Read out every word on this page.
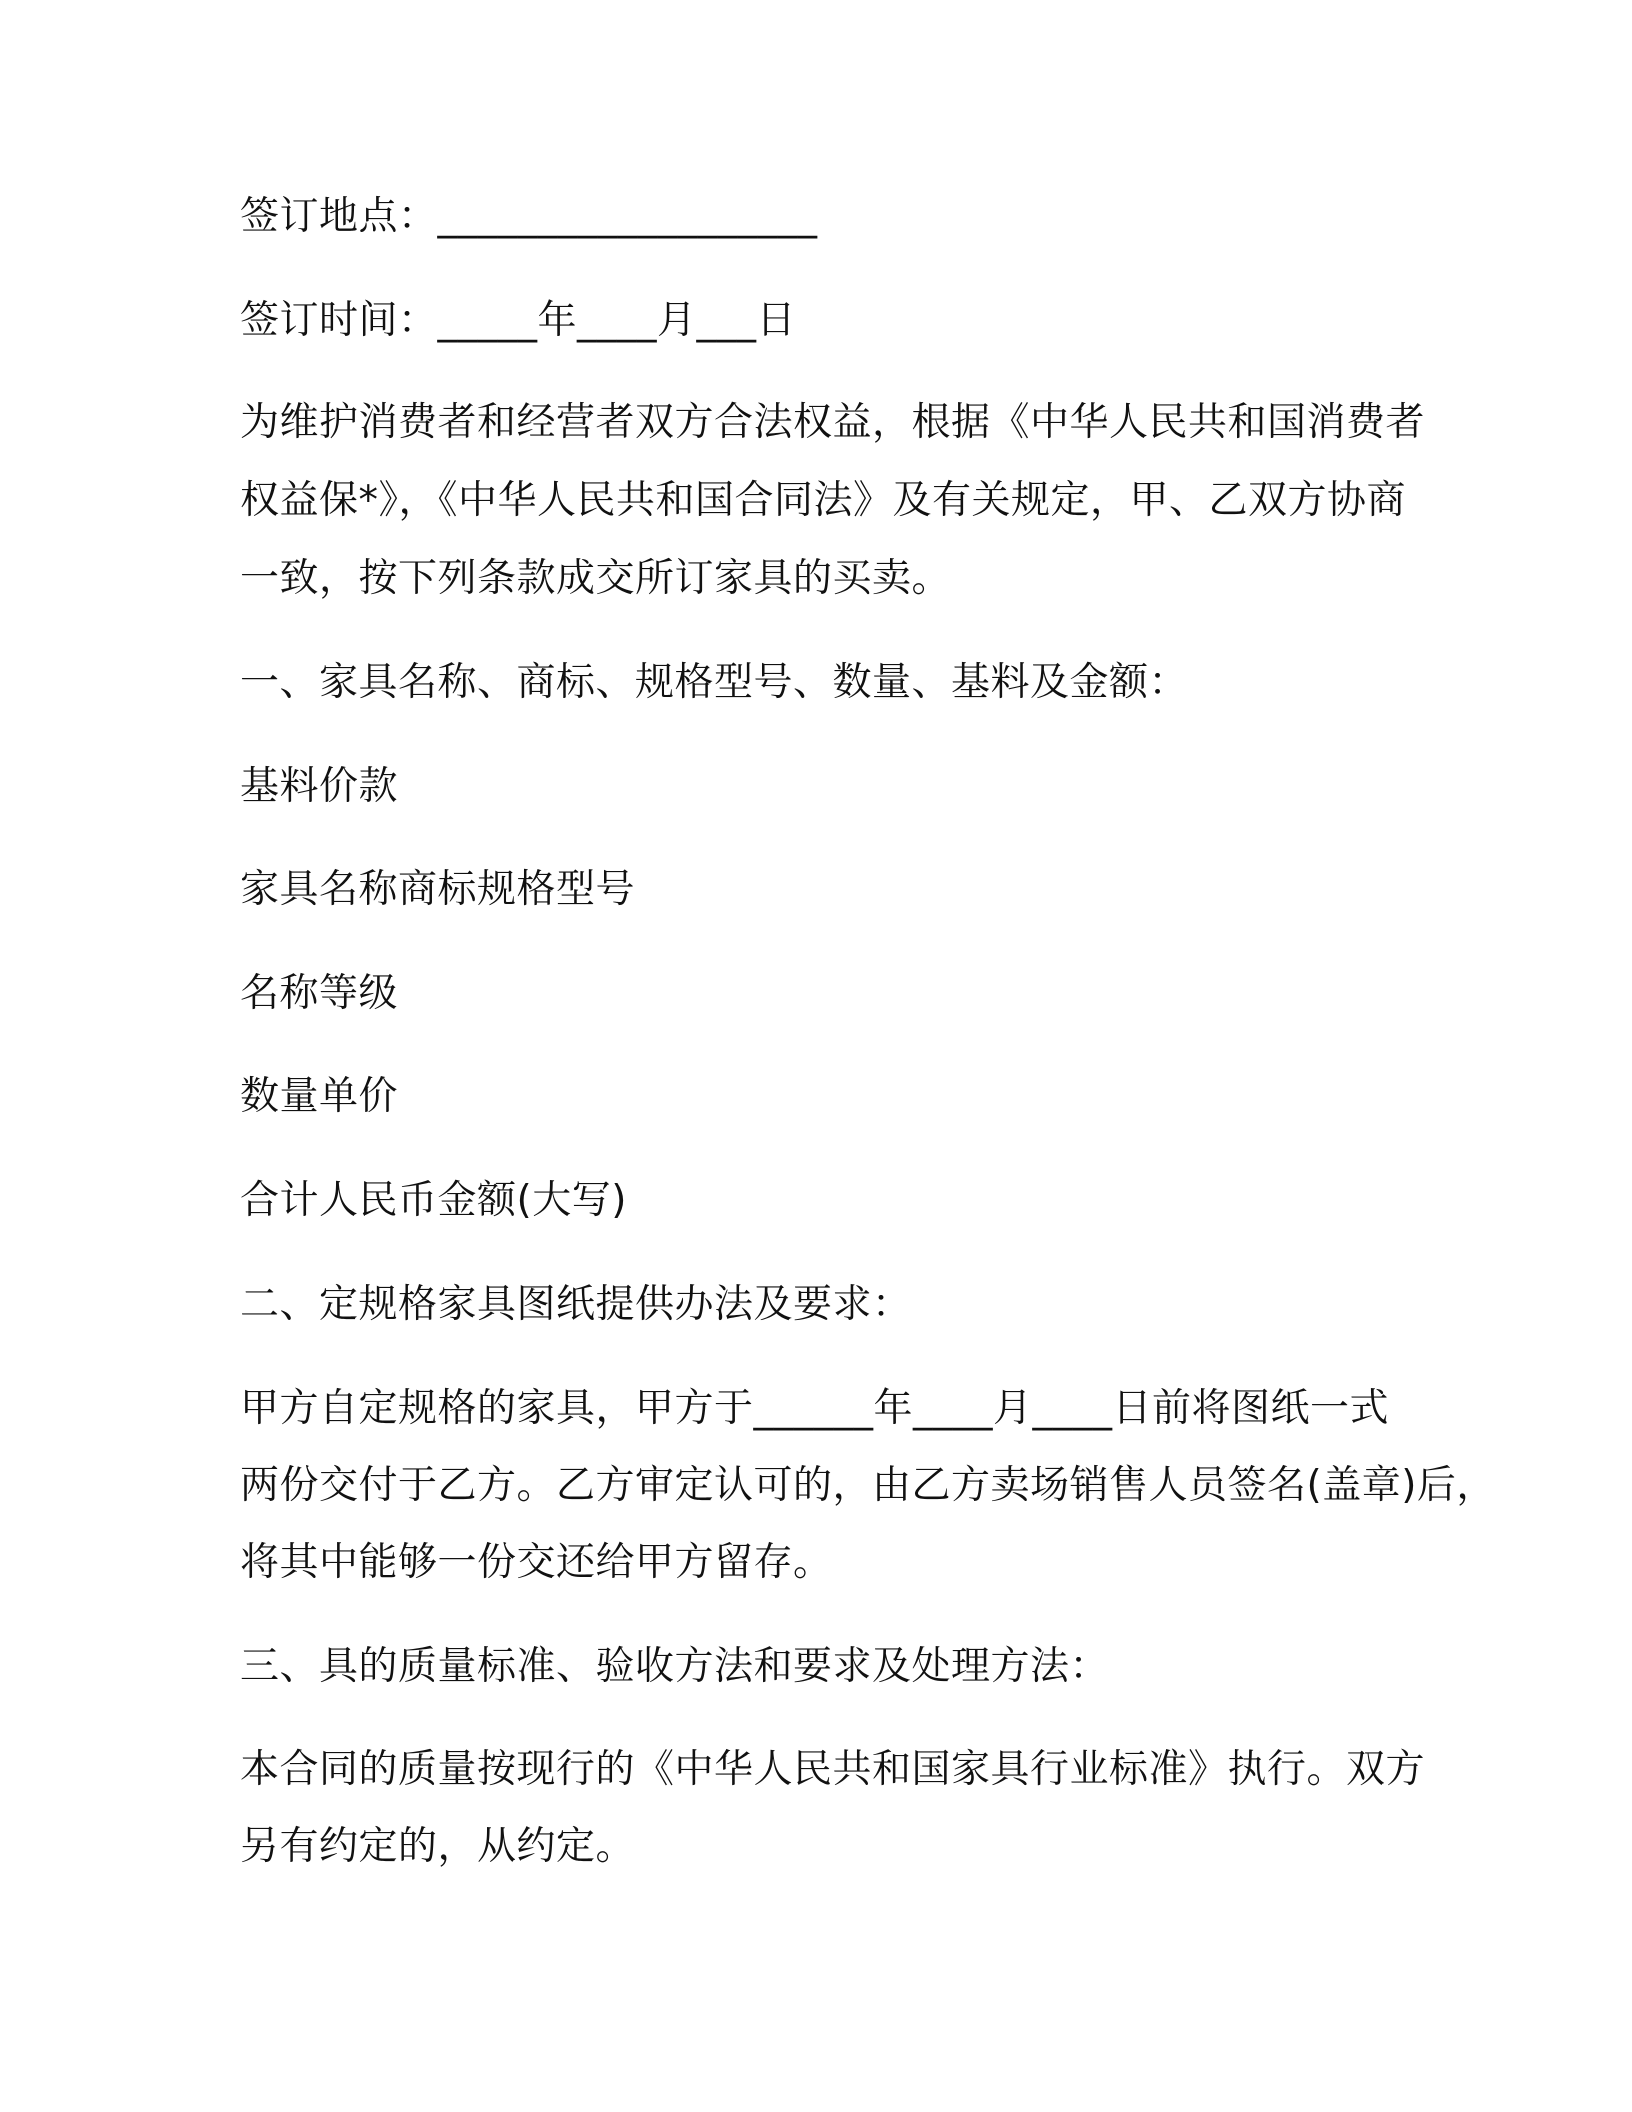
签订地点：___________________

签订时间：_____年____月___日

为维护消费者和经营者双方合法权益，根据《中华人民共和国消费者

权益保*》，《中华人民共和国合同法》及有关规定，甲、乙双方协商

一致，按下列条款成交所订家具的买卖。

一、家具名称、商标、规格型号、数量、基料及金额：

基料价款

家具名称商标规格型号

名称等级

数量单价

合计人民币金额(大写)

二、定规格家具图纸提供办法及要求：

甲方自定规格的家具，甲方于______年____月____日前将图纸一式

两份交付于乙方。乙方审定认可的，由乙方卖场销售人员签名(盖章)后，

将其中能够一份交还给甲方留存。

三、具的质量标准、验收方法和要求及处理方法：

本合同的质量按现行的《中华人民共和国家具行业标准》执行。双方

另有约定的，从约定。
